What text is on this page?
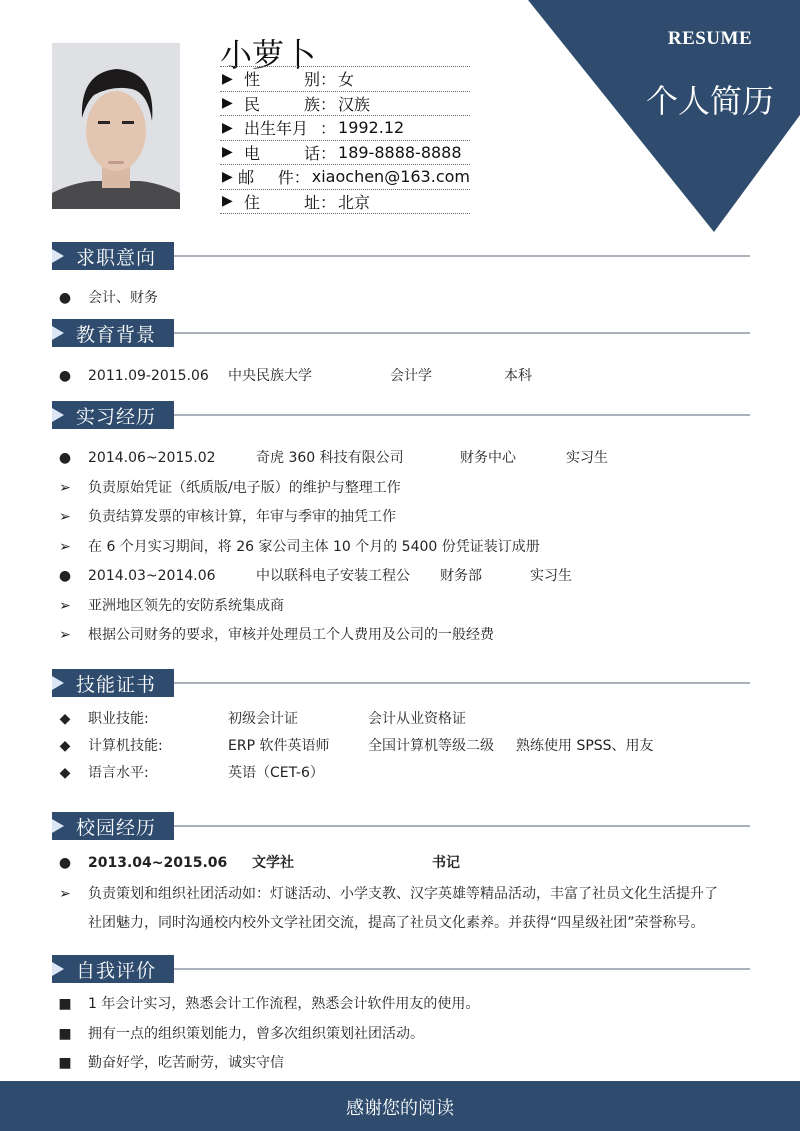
RESUME
个人简历
小萝卜
▶ 性	别 ： 女
▶ 民	族 ： 汉族
▶ 出生年月 ： 1992.12
▶ 电	话 ： 189-8888-8888
▶ 邮 件 ： xiaochen@163.com
▶ 住	址 ： 北京
求职意向
● 会计、财务
教育背景
● 2011.09-2015.06 中央民族大学	会计学	本科
实习经历
● 2014.06~2015.02	奇虎 360 科技有限公司	财务中心	实习生
➢ 负责原始凭证（纸质版/电子版）的维护与整理工作
➢ 负责结算发票的审核计算，年审与季审的抽凭工作
➢ 在 6 个月实习期间，将 26 家公司主体 10 个月的 5400 份凭证装订成册
● 2014.03~2014.06	中以联科电子安装工程公 财务部	实习生
➢ 亚洲地区领先的安防系统集成商
➢ 根据公司财务的要求，审核并处理员工个人费用及公司的一般经费
技能证书
◆ 职业技能:	初级会计证	会计从业资格证
◆ 计算机技能:	ERP 软件英语师	全国计算机等级二级 熟练使用 SPSS、用友
◆ 语言水平:	英语（CET-6）
校园经历
● 2013.04~2015.06 文学社	书记
➢ 负责策划和组织社团活动如：灯谜活动、小学支教、汉字英雄等精品活动，丰富了社员文化生活提升了
社团魅力，同时沟通校内校外文学社团交流，提高了社员文化素养。并获得“四星级社团”荣誉称号。
自我评价
■ 1 年会计实习，熟悉会计工作流程，熟悉会计软件用友的使用。
■ 拥有一点的组织策划能力，曾多次组织策划社团活动。
■ 勤奋好学，吃苦耐劳，诚实守信
感谢您的阅读
